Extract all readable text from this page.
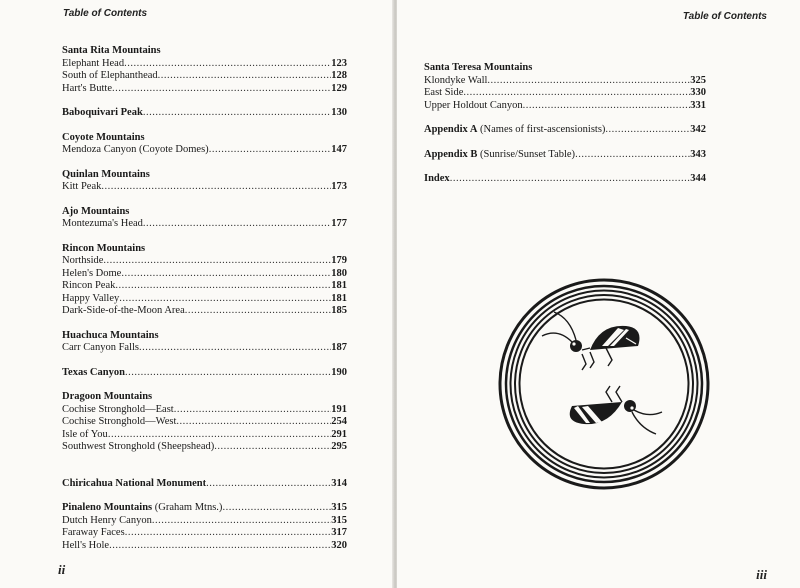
Table of Contents
Santa Rita Mountains
Elephant Head .....	123
South of Elephanthead .....	128
Hart's Butte .....	129
Baboquivari Peak .....	130
Coyote Mountains
Mendoza Canyon (Coyote Domes) .....	147
Quinlan Mountains
Kitt Peak .....	173
Ajo Mountains
Montezuma's Head .....	177
Rincon Mountains
Northside .....	179
Helen's Dome .....	180
Rincon Peak .....	181
Happy Valley .....	181
Dark-Side-of-the-Moon Area .....	185
Huachuca Mountains
Carr Canyon Falls .....	187
Texas Canyon .....	190
Dragoon Mountains
Cochise Stronghold—East .....	191
Cochise Stronghold—West .....	254
Isle of You .....	291
Southwest Stronghold (Sheepshead) .....	295
Chiricahua National Monument .....	314
Pinaleno Mountains (Graham Mtns.) .....	315
Dutch Henry Canyon .....	315
Faraway Faces .....	317
Hell's Hole .....	320
ii
Table of Contents
Santa Teresa Mountains
Klondyke Wall .....	325
East Side .....	330
Upper Holdout Canyon .....	331
Appendix A (Names of first-ascensionists) .....	342
Appendix B (Sunrise/Sunset Table) .....	343
Index .....	344
iii
